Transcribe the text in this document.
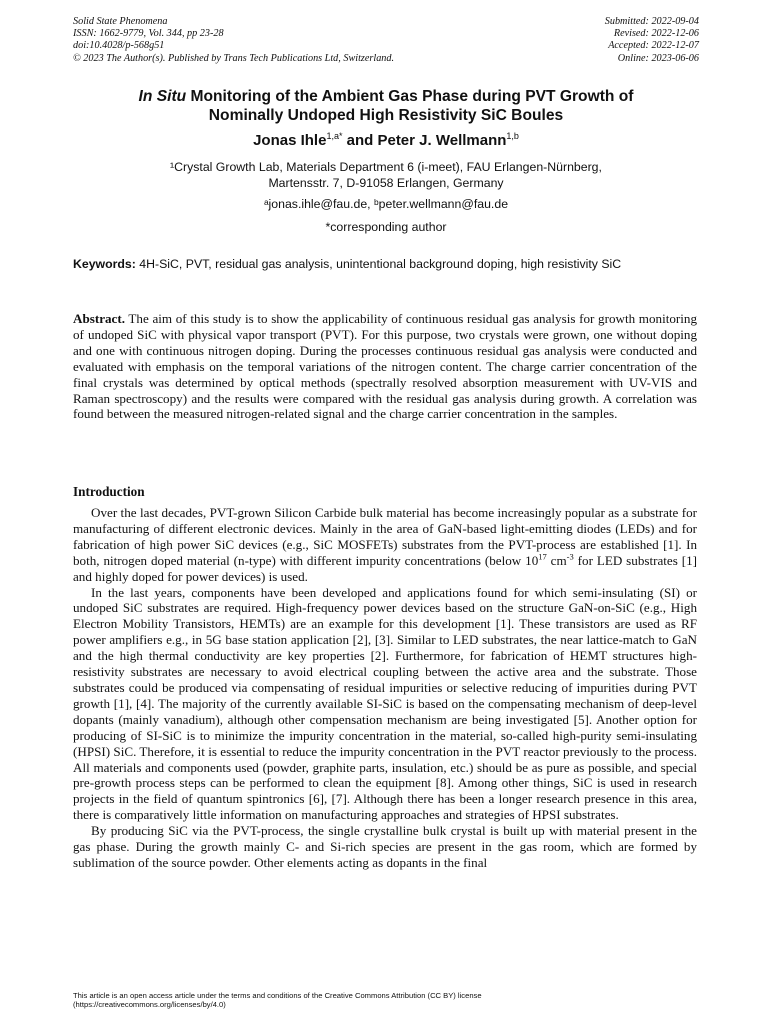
Solid State Phenomena	Submitted: 2022-09-04
ISSN: 1662-9779, Vol. 344, pp 23-28	Revised: 2022-12-06
doi:10.4028/p-568g51	Accepted: 2022-12-07
© 2023 The Author(s). Published by Trans Tech Publications Ltd, Switzerland.	Online: 2023-06-06
In Situ Monitoring of the Ambient Gas Phase during PVT Growth of
Nominally Undoped High Resistivity SiC Boules
Jonas Ihle$^{1,a*}$ and Peter J. Wellmann$^{1,b}$
¹Crystal Growth Lab, Materials Department 6 (i-meet), FAU Erlangen-Nürnberg,
Martensstr. 7, D-91058 Erlangen, Germany
ᵃjonas.ihle@fau.de, ᵇpeter.wellmann@fau.de
*corresponding author
Keywords: 4H-SiC, PVT, residual gas analysis, unintentional background doping, high resistivity SiC
Abstract. The aim of this study is to show the applicability of continuous residual gas analysis for growth monitoring of undoped SiC with physical vapor transport (PVT). For this purpose, two crystals were grown, one without doping and one with continuous nitrogen doping. During the processes continuous residual gas analysis were conducted and evaluated with emphasis on the temporal variations of the nitrogen content. The charge carrier concentration of the final crystals was determined by optical methods (spectrally resolved absorption measurement with UV-VIS and Raman spectroscopy) and the results were compared with the residual gas analysis during growth. A correlation was found between the measured nitrogen-related signal and the charge carrier concentration in the samples.
Introduction

Over the last decades, PVT-grown Silicon Carbide bulk material has become increasingly popular as a substrate for manufacturing of different electronic devices. Mainly in the area of GaN-based light-emitting diodes (LEDs) and for fabrication of high power SiC devices (e.g., SiC MOSFETs) substrates from the PVT-process are established [1]. In both, nitrogen doped material (n-type) with different impurity concentrations (below $10^{17}$ $cm^{-3}$ for LED substrates [1] and highly doped for power devices) is used.

In the last years, components have been developed and applications found for which semi-insulating (SI) or undoped SiC substrates are required. High-frequency power devices based on the structure GaN-on-SiC (e.g., High Electron Mobility Transistors, HEMTs) are an example for this development [1]. These transistors are used as RF power amplifiers e.g., in 5G base station application [2], [3]. Similar to LED substrates, the near lattice-match to GaN and the high thermal conductivity are key properties [2]. Furthermore, for fabrication of HEMT structures high-resistivity substrates are necessary to avoid electrical coupling between the active area and the substrate. Those substrates could be produced via compensating of residual impurities or selective reducing of impurities during PVT growth [1], [4]. The majority of the currently available SI-SiC is based on the compensating mechanism of deep-level dopants (mainly vanadium), although other compensation mechanism are being investigated [5]. Another option for producing of SI-SiC is to minimize the impurity concentration in the material, so-called high-purity semi-insulating (HPSI) SiC. Therefore, it is essential to reduce the impurity concentration in the PVT reactor previously to the process. All materials and components used (powder, graphite parts, insulation, etc.) should be as pure as possible, and special pre-growth process steps can be performed to clean the equipment [8]. Among other things, SiC is used in research projects in the field of quantum spintronics [6], [7]. Although there has been a longer research presence in this area, there is comparatively little information on manufacturing approaches and strategies of HPSI substrates.

By producing SiC via the PVT-process, the single crystalline bulk crystal is built up with material present in the gas phase. During the growth mainly C- and Si-rich species are present in the gas room, which are formed by sublimation of the source powder. Other elements acting as dopants in the final

This article is an open access article under the terms and conditions of the Creative Commons Attribution (CC BY) license
(https://creativecommons.org/licenses/by/4.0)
